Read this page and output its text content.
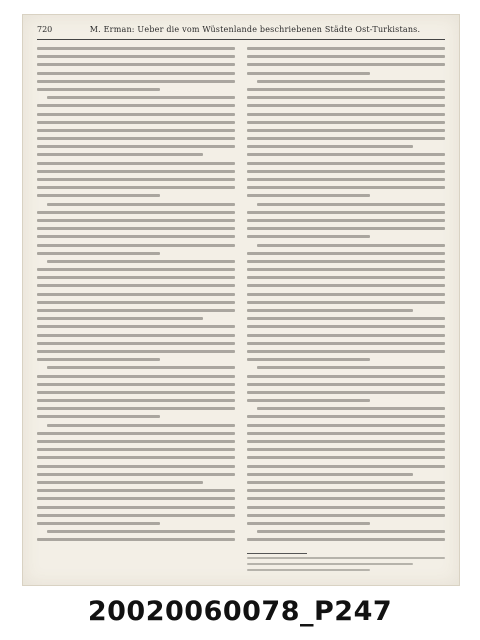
720	M. Erman: Ueber die vom Wüstenlande beschriebenen Städte Ost-Turkistans.
20020060078_P247
